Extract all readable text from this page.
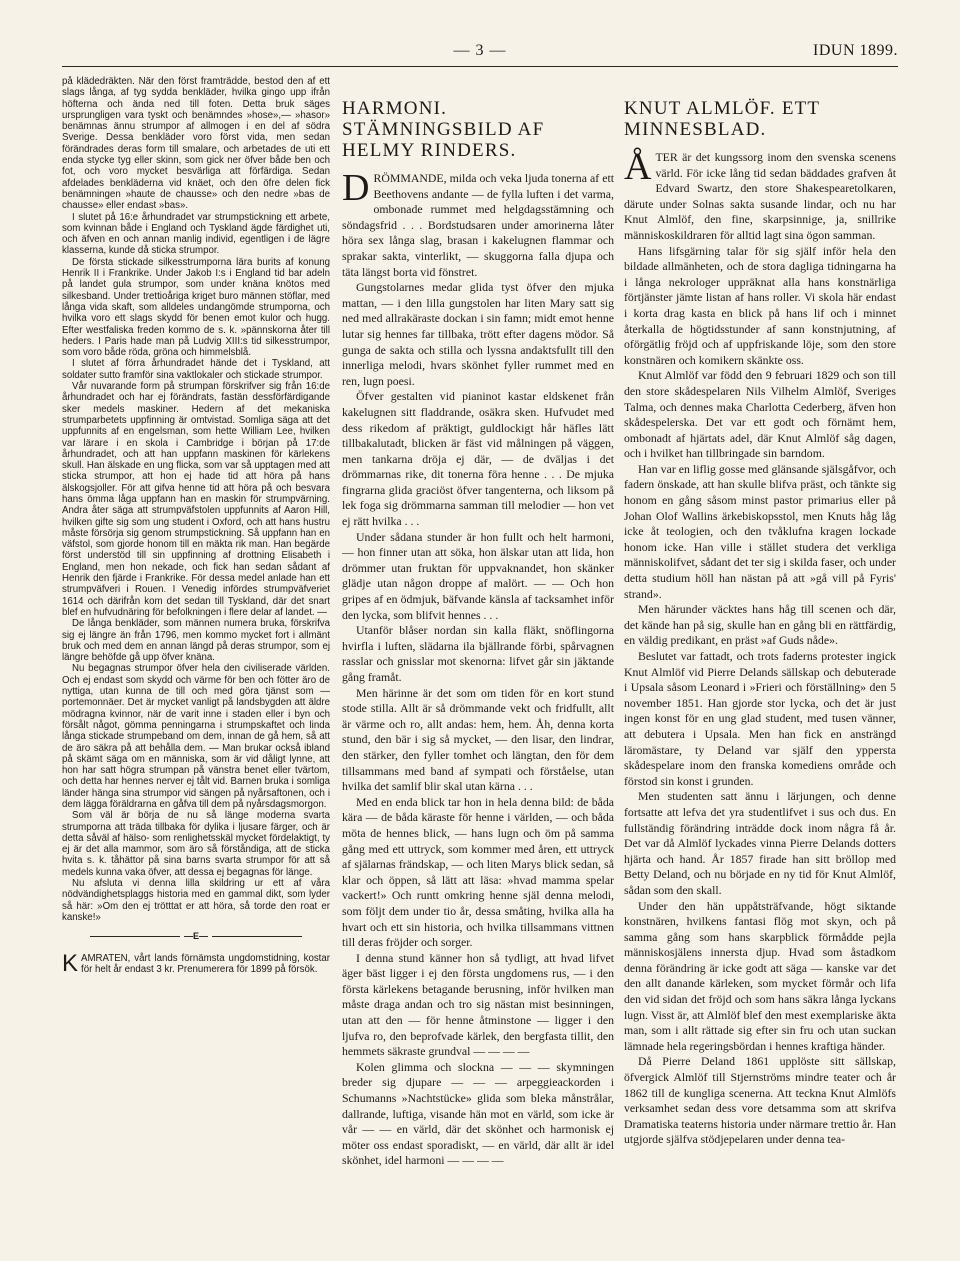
— 3 —	IDUN 1899.

på klädedräkten. När den först framträdde, bestod den af ett slags långa, af tyg sydda benkläder, hvilka gingo upp ifrån höfterna och ända ned till foten. Detta bruk säges ursprungligen vara tyskt och benämndes »hose»,— »hasor» benämnas ännu strumpor af allmogen i en del af södra Sverige. Dessa benkläder voro först vida, men sedan förändrades deras form till smalare, och arbetades de uti ett enda stycke tyg eller skinn, som gick ner öfver både ben och fot, och voro mycket besvärliga att förfärdiga. Sedan afdelades benkläderna vid knäet, och den öfre delen fick benämningen »haute de chausse» och den nedre »bas de chausse» eller endast »bas».

I slutet på 16:e århundradet var strumpstickning ett arbete, som kvinnan både i England och Tyskland ägde färdighet uti, och äfven en och annan manlig individ, egentligen i de lägre klasserna, kunde då sticka strumpor.

De första stickade silkesstrumporna lära burits af konung Henrik II i Frankrike. Under Jakob I:s i England tid bar adeln på landet gula strumpor, som under knäna knötos med silkesband. Under trettioåriga kriget buro männen stöflar, med långa vida skaft, som alldeles undangömde strumporna, och hvilka voro ett slags skydd för benen emot kulor och hugg. Efter westfaliska freden kommo de s. k. »pännskorna åter till heders. I Paris hade man på Ludvig XIII:s tid silkesstrumpor, som voro både röda, gröna och himmelsblå.

I slutet af förra århundradet hände det i Tyskland, att soldater sutto framför sina vaktlokaler och stickade strumpor.

Vår nuvarande form på strumpan förskrifver sig från 16:de århundradet och har ej förändrats, fastän dessförfärdigande sker medels maskiner. Hedern af det mekaniska strumparbetets uppfinning är omtvistad. Somliga säga att det uppfunnits af en engelsman, som hette William Lee, hvilken var lärare i en skola i Cambridge i början på 17:de århundradet, och att han uppfann maskinen för kärlekens skull. Han älskade en ung flicka, som var så upptagen med att sticka strumpor, att hon ej hade tid att höra på hans älskogsjoller. För att gifva henne tid att höra på och besvara hans ömma låga uppfann han en maskin för strumpvärning. Andra åter säga att strumpväfstolen uppfunnits af Aaron Hill, hvilken gifte sig som ung student i Oxford, och att hans hustru måste försörja sig genom strumpstickning. Så uppfann han en väfstol, som gjorde honom till en mäkta rik man. Han begärde först understöd till sin uppfinning af drottning Elisabeth i England, men hon nekade, och fick han sedan sådant af Henrik den fjärde i Frankrike. För dessa medel anlade han ett strumpväfveri i Rouen. I Venedig infördes strumpväfveriet 1614 och därifrån kom det sedan till Tyskland, där det snart blef en hufvudnäring för befolkningen i flere delar af landet. —

De långa benkläder, som männen numera bruka, förskrifva sig ej längre än från 1796, men kommo mycket fort i allmänt bruk och med dem en annan längd på deras strumpor, som ej längre behöfde gå upp öfver knäna.

Nu begagnas strumpor öfver hela den civiliserade världen. Och ej endast som skydd och värme för ben och fötter äro de nyttiga, utan kunna de till och med göra tjänst som — portemonnäer. Det är mycket vanligt på landsbygden att äldre mödragna kvinnor, när de varit inne i staden eller i byn och försålt något, gömma penningarna i strumpskaftet och linda långa stickade strumpeband om dem, innan de gå hem, så att de äro säkra på att behålla dem. — Man brukar också ibland på skämt säga om en människa, som är vid dåligt lynne, att hon har satt högra strumpan på vänstra benet eller tvärtom, och detta har hennes nerver ej tålt vid. Barnen bruka i somliga länder hänga sina strumpor vid sängen på nyårsaftonen, och i dem lägga föräldrarna en gåfva till dem på nyårsdagsmorgon.

Som väl är börja de nu så länge moderna svarta strumporna att träda tillbaka för dylika i ljusare färger, och är detta såväl af hälso- som renlighetsskäl mycket fördelaktigt, ty ej är det alla mammor, som äro så förståndiga, att de sticka hvita s. k. tåhättor på sina barns svarta strumpor för att så medels kunna vaka öfver, att dessa ej begagnas för länge.

Nu afsluta vi denna lilla skildring ur ett af våra nödvändighetsplaggs historia med en gammal dikt, som lyder så här: »Om den ej trötttat er att höra, så torde den roat er kanske!»

—E—

KAMRATEN, vårt lands förnämsta ungdomstidning, kostar för helt år endast 3 kr. Prenumerera för 1899 på försök.

HARMONI. STÄMNINGSBILD AF HELMY RINDERS.

DRÖMMANDE, milda och veka ljuda tonerna af ett Beethovens andante — de fylla luften i det varma, ombonade rummet med helgdagsstämning och söndagsfrid . . . Bordstudsaren under amorinerna låter höra sex långa slag, brasan i kakelugnen flammar och sprakar sakta, vinterlikt, — skuggorna falla djupa och täta längst borta vid fönstret.

Gungstolarnes medar glida tyst öfver den mjuka mattan, — i den lilla gungstolen har liten Mary satt sig ned med allrakäraste dockan i sin famn; midt emot henne lutar sig hennes far tillbaka, trött efter dagens mödor. Så gunga de sakta och stilla och lyssna andaktsfullt till den innerliga melodi, hvars skönhet fyller rummet med en ren, lugn poesi.

Öfver gestalten vid pianinot kastar eldskenet från kakelugnen sitt fladdrande, osäkra sken. Hufvudet med dess rikedom af präktigt, guldlockigt hår häfles lätt tillbakalutadt, blicken är fäst vid målningen på väggen, men tankarna dröja ej där, — de dväljas i det drömmarnas rike, dit tonerna föra henne . . . De mjuka fingrarna glida graciöst öfver tangenterna, och liksom på lek foga sig drömmarna samman till melodier — hon vet ej rätt hvilka . . .

Under sådana stunder är hon fullt och helt harmoni, — hon finner utan att söka, hon älskar utan att lida, hon drömmer utan fruktan för uppvaknandet, hon skänker glädje utan någon droppe af malört. — — Och hon gripes af en ödmjuk, bäfvande känsla af tacksamhet inför den lycka, som blifvit hennes . . .

Utanför blåser nordan sin kalla fläkt, snöflingorna hvirfla i luften, slädarna ila bjällrande förbi, spårvagnen rasslar och gnisslar mot skenorna: lifvet går sin jäktande gång framåt.

Men härinne är det som om tiden för en kort stund stode stilla. Allt är så drömmande vekt och fridfullt, allt är värme och ro, allt andas: hem, hem. Åh, denna korta stund, den bär i sig så mycket, — den lisar, den lindrar, den stärker, den fyller tomhet och längtan, den för dem tillsammans med band af sympati och förståelse, utan hvilka det samlif blir skal utan kärna . . .

Med en enda blick tar hon in hela denna bild: de båda kära — de båda käraste för henne i världen, — och båda möta de hennes blick, — hans lugn och öm på samma gång med ett uttryck, som kommer med åren, ett uttryck af själarnas frändskap, — och liten Marys blick sedan, så klar och öppen, så lätt att läsa: »hvad mamma spelar vackert!» Och runtt omkring henne själ denna melodi, som följt dem under tio år, dessa småting, hvilka alla ha hvart och ett sin historia, och hvilka tillsammans vittnen till deras fröjder och sorger.

I denna stund känner hon så tydligt, att hvad lifvet äger bäst ligger i ej den första ungdomens rus, — i den första kärlekens betagande berusning, inför hvilken man måste draga andan och tro sig nästan mist besinningen, utan att den — för henne åtminstone — ligger i den ljufva ro, den beprofvade kärlek, den bergfasta tillit, den hemmets säkraste grundval — — — —

Kolen glimma och slockna — — — skymningen breder sig djupare — — — arpeggieackorden i Schumanns »Nachtstücke» glida som bleka månstrålar, dallrande, luftiga, visande hän mot en värld, som icke är vår — — en värld, där det skönhet och harmonisk ej möter oss endast sporadiskt, — en värld, där allt är idel skönhet, idel harmoni — — — —

KNUT ALMLÖF. ETT MINNESBLAD.

ÅTER är det kungssorg inom den svenska scenens värld. För icke lång tid sedan bäddades grafven åt Edvard Swartz, den store Shakespearetolkaren, därute under Solnas sakta susande lindar, och nu har Knut Almlöf, den fine, skarpsinnige, ja, snillrike människoskildraren för alltid lagt sina ögon samman.

Hans lifsgärning talar för sig själf inför hela den bildade allmänheten, och de stora dagliga tidningarna ha i långa nekrologer uppräknat alla hans konstnärliga förtjänster jämte listan af hans roller. Vi skola här endast i korta drag kasta en blick på hans lif och i minnet återkalla de högtidsstunder af sann konstnjutning, af oförgätlig fröjd och af uppfriskande löje, som den store konstnären och komikern skänkte oss.

Knut Almlöf var född den 9 februari 1829 och son till den store skådespelaren Nils Vilhelm Almlöf, Sveriges Talma, och dennes maka Charlotta Cederberg, äfven hon skådespelerska. Det var ett godt och förnämt hem, ombonadt af hjärtats adel, där Knut Almlöf såg dagen, och i hvilket han tillbringade sin barndom.

Han var en liflig gosse med glänsande själsgåfvor, och fadern önskade, att han skulle blifva präst, och tänkte sig honom en gång såsom minst pastor primarius eller på Johan Olof Wallins ärkebiskopsstol, men Knuts håg låg icke åt teologien, och den tvåklufna kragen lockade honom icke. Han ville i stället studera det verkliga människolifvet, sådant det ter sig i skilda faser, och under detta studium höll han nästan på att »gå vill på Fyris' strand».

Men härunder väcktes hans håg till scenen och där, det kände han på sig, skulle han en gång bli en rättfärdig, en väldig predikant, en präst »af Guds nåde».

Beslutet var fattadt, och trots faderns protester ingick Knut Almlöf vid Pierre Delands sällskap och debuterade i Upsala såsom Leonard i »Frieri och förställning» den 5 november 1851. Han gjorde stor lycka, och det är just ingen konst för en ung glad student, med tusen vänner, att debutera i Upsala. Men han fick en ansträngd läromästare, ty Deland var själf den yppersta skådespelare inom den franska komediens område och förstod sin konst i grunden.

Men studenten satt ännu i lärjungen, och denne fortsatte att lefva det yra studentlifvet i sus och dus. En fullständig förändring inträdde dock inom några få år. Det var då Almlöf lyckades vinna Pierre Delands dotters hjärta och hand. År 1857 firade han sitt bröllop med Betty Deland, och nu började en ny tid för Knut Almlöf, sådan som den skall.

Under den hän uppåtsträfvande, högt siktande konstnären, hvilkens fantasi flög mot skyn, och på samma gång som hans skarpblick förmådde pejla människosjälens innersta djup. Hvad som åstadkom denna förändring är icke godt att säga — kanske var det den allt danande kärleken, som mycket förmår och lifa den vid sidan det fröjd och som hans säkra långa lyckans lugn. Visst är, att Almlöf blef den mest exemplariske äkta man, som i allt rättade sig efter sin fru och utan suckan lämnade hela regeringsbördan i hennes kraftiga händer.

Då Pierre Deland 1861 upplöste sitt sällskap, öfvergick Almlöf till Stjernströms mindre teater och år 1862 till de kungliga scenerna. Att teckna Knut Almlöfs verksamhet sedan dess vore detsamma som att skrifva Dramatiska teaterns historia under närmare trettio år. Han utgjorde själfva stödjepelaren under denna tea-
